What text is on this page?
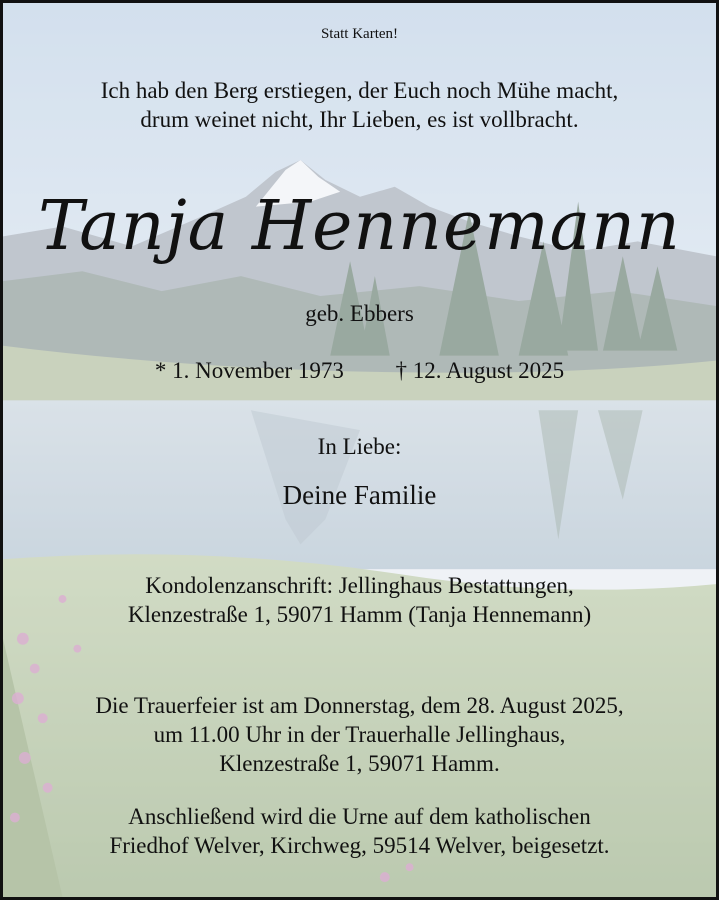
Statt Karten!
Ich hab den Berg erstiegen, der Euch noch Mühe macht,
drum weinet nicht, Ihr Lieben, es ist vollbracht.
Tanja Hennemann
geb. Ebbers
* 1. November 1973 † 12. August 2025
In Liebe:
Deine Familie
Kondolenzanschrift: Jellinghaus Bestattungen,
Klenzestraße 1, 59071 Hamm (Tanja Hennemann)
Die Trauerfeier ist am Donnerstag, dem 28. August 2025,
um 11.00 Uhr in der Trauerhalle Jellinghaus,
Klenzestraße 1, 59071 Hamm.
Anschließend wird die Urne auf dem katholischen
Friedhof Welver, Kirchweg, 59514 Welver, beigesetzt.
